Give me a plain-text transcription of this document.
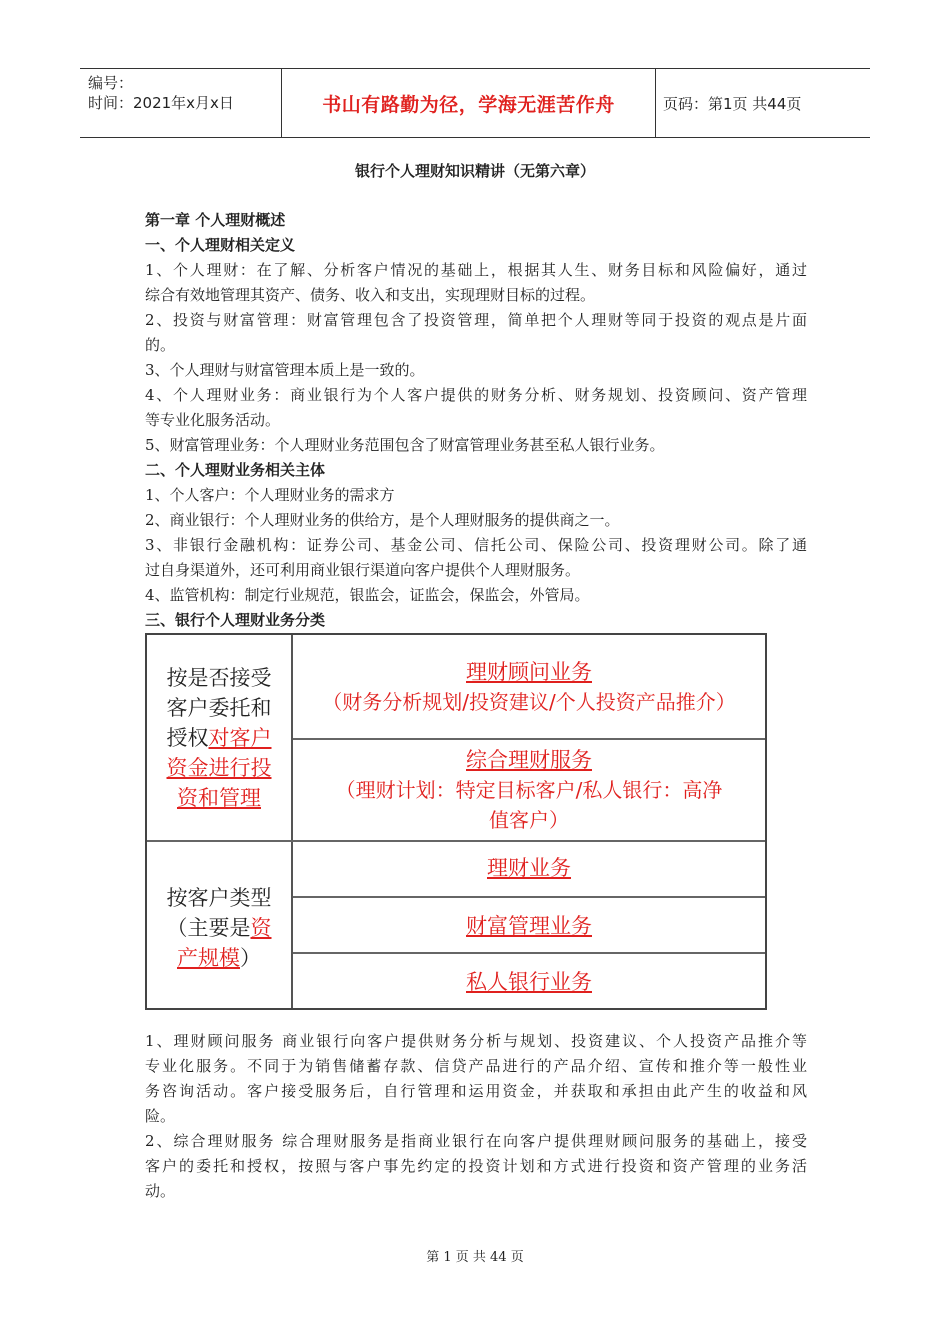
编号：
时间：2021年x月x日	书山有路勤为径，学海无涯苦作舟	页码：第1页 共44页
银行个人理财知识精讲（无第六章）
第一章 个人理财概述
一、个人理财相关定义
1、个人理财：在了解、分析客户情况的基础上，根据其人生、财务目标和风险偏好，通过
综合有效地管理其资产、债务、收入和支出，实现理财目标的过程。
2、投资与财富管理：财富管理包含了投资管理，简单把个人理财等同于投资的观点是片面
的。
3、个人理财与财富管理本质上是一致的。
4、个人理财业务：商业银行为个人客户提供的财务分析、财务规划、投资顾问、资产管理
等专业化服务活动。
5、财富管理业务：个人理财业务范围包含了财富管理业务甚至私人银行业务。
二、个人理财业务相关主体
1、个人客户：个人理财业务的需求方
2、商业银行：个人理财业务的供给方，是个人理财服务的提供商之一。
3、非银行金融机构：证券公司、基金公司、信托公司、保险公司、投资理财公司。除了通
过自身渠道外，还可利用商业银行渠道向客户提供个人理财服务。
4、监管机构：制定行业规范，银监会，证监会，保监会，外管局。
三、银行个人理财业务分类
按是否接受
客户委托和
授权对客户
资金进行投
资和管理
理财顾问业务
（财务分析规划/投资建议/个人投资产品推介）
综合理财服务
（理财计划：特定目标客户/私人银行：高净
值客户）
按客户类型
（主要是资
产规模）
理财业务
财富管理业务
私人银行业务
1、理财顾问服务 商业银行向客户提供财务分析与规划、投资建议、个人投资产品推介等
专业化服务。不同于为销售储蓄存款、信贷产品进行的产品介绍、宣传和推介等一般性业
务咨询活动。客户接受服务后，自行管理和运用资金，并获取和承担由此产生的收益和风
险。
2、综合理财服务 综合理财服务是指商业银行在向客户提供理财顾问服务的基础上，接受
客户的委托和授权，按照与客户事先约定的投资计划和方式进行投资和资产管理的业务活
动。
第 1 页 共 44 页
